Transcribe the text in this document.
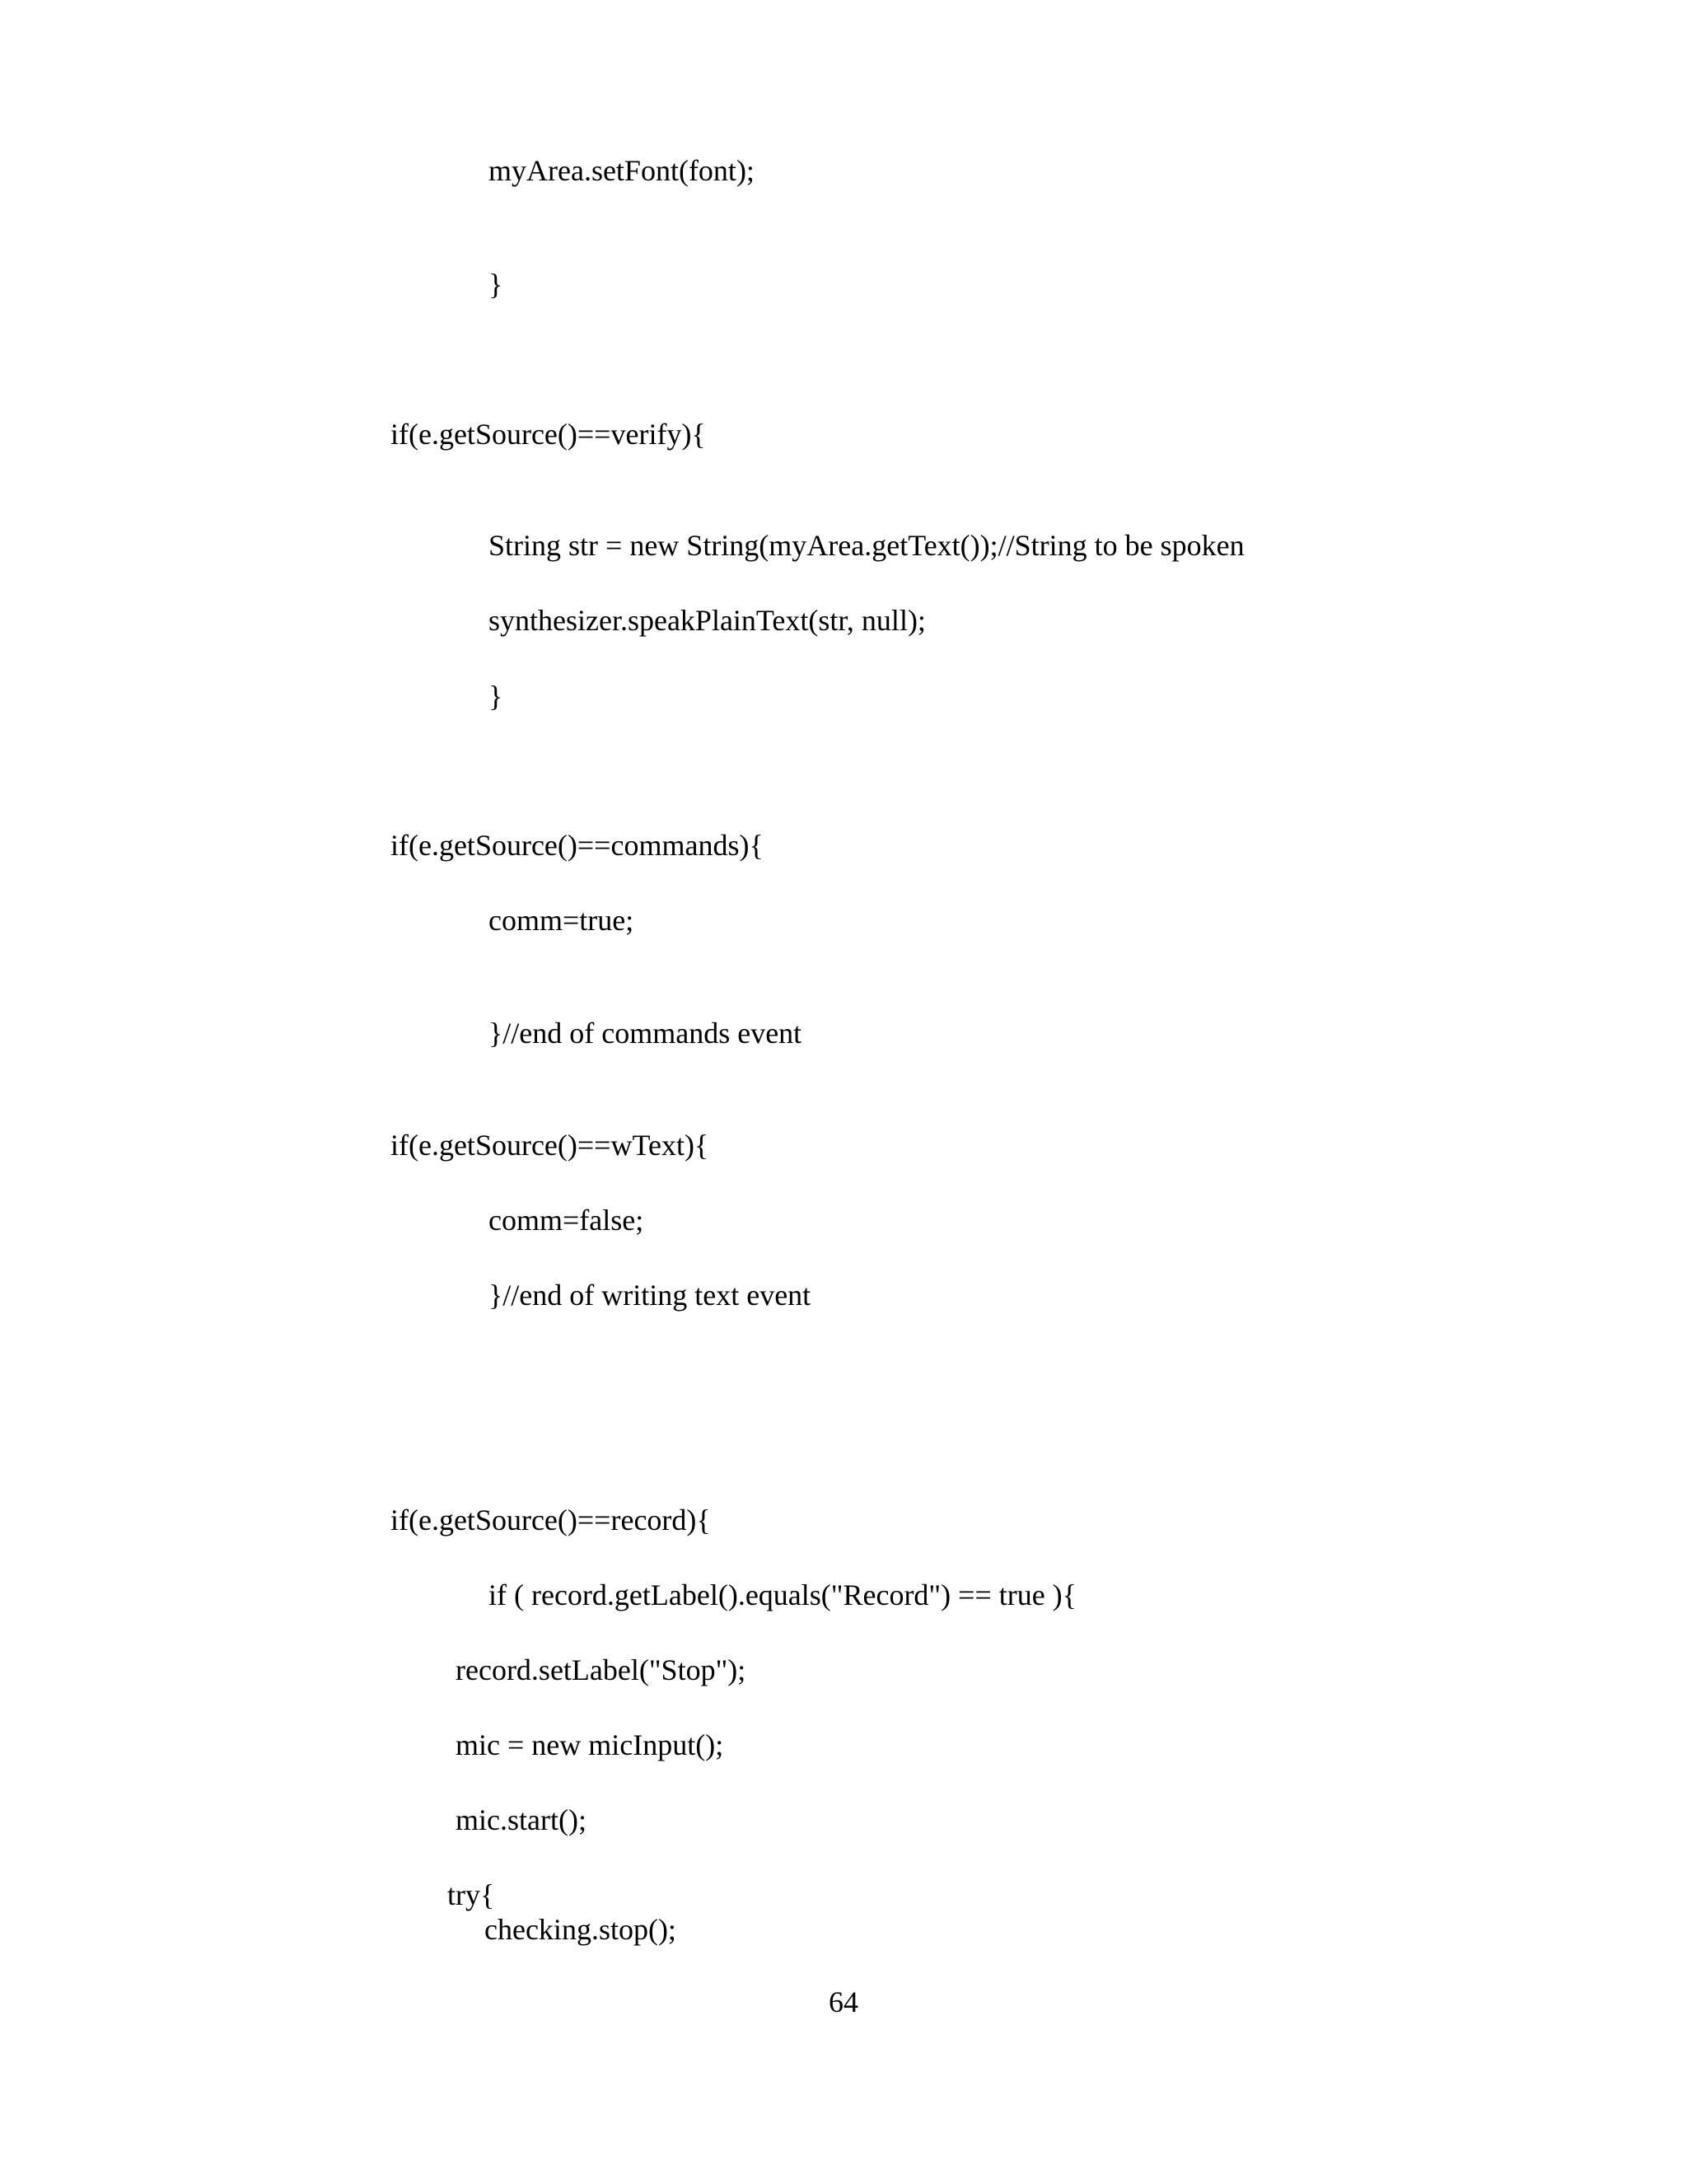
myArea.setFont(font);

}

if(e.getSource()==verify){

String str = new String(myArea.getText());//String to be spoken

synthesizer.speakPlainText(str, null);

}

if(e.getSource()==commands){

comm=true;

}//end of commands event

if(e.getSource()==wText){

comm=false;

}//end of writing text event

if(e.getSource()==record){

if ( record.getLabel().equals("Record") == true ){

record.setLabel("Stop");

mic = new micInput();

mic.start();

try{

checking.stop();

64
